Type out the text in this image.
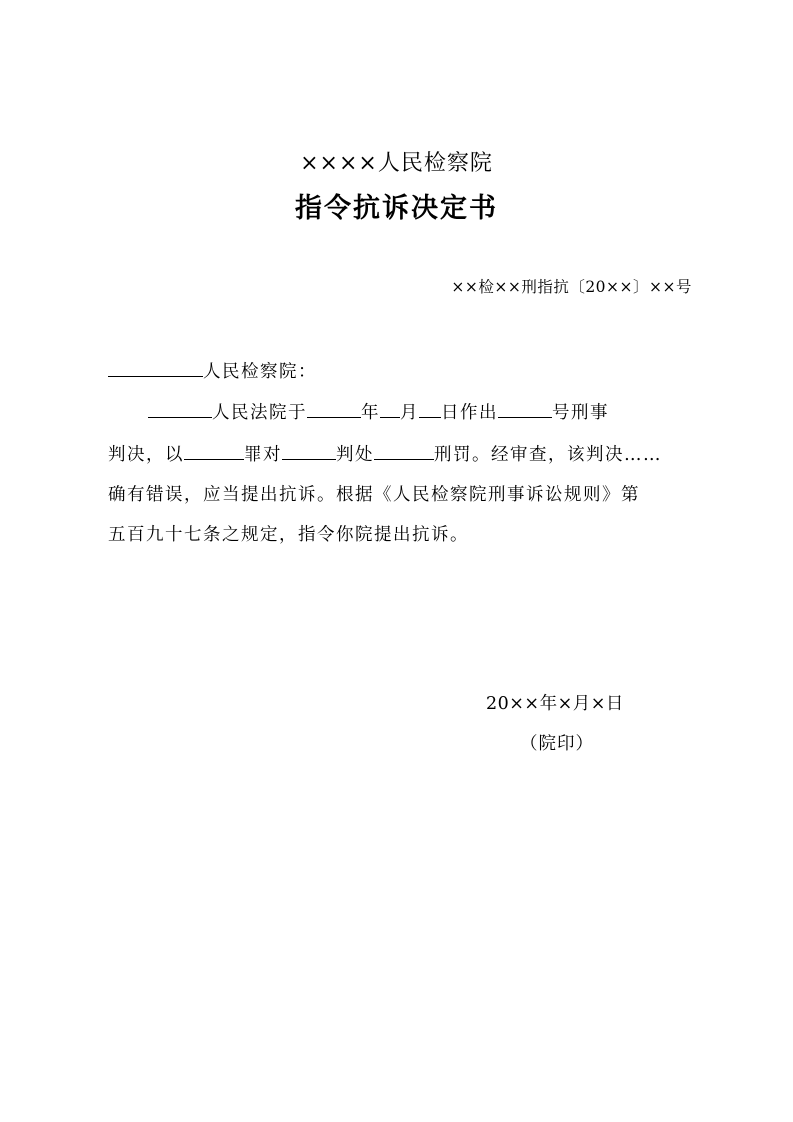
××××人民检察院
指令抗诉决定书
××检××刑指抗〔20××〕××号
人民检察院：
人民法院于	年 月 日作出	号刑事
判决，以	罪对	判处	刑罚。经审查，该判决……
确有错误，应当提出抗诉。根据《人民检察院刑事诉讼规则》第
五百九十七条之规定，指令你院提出抗诉。
20××年×月×日
（院印）
